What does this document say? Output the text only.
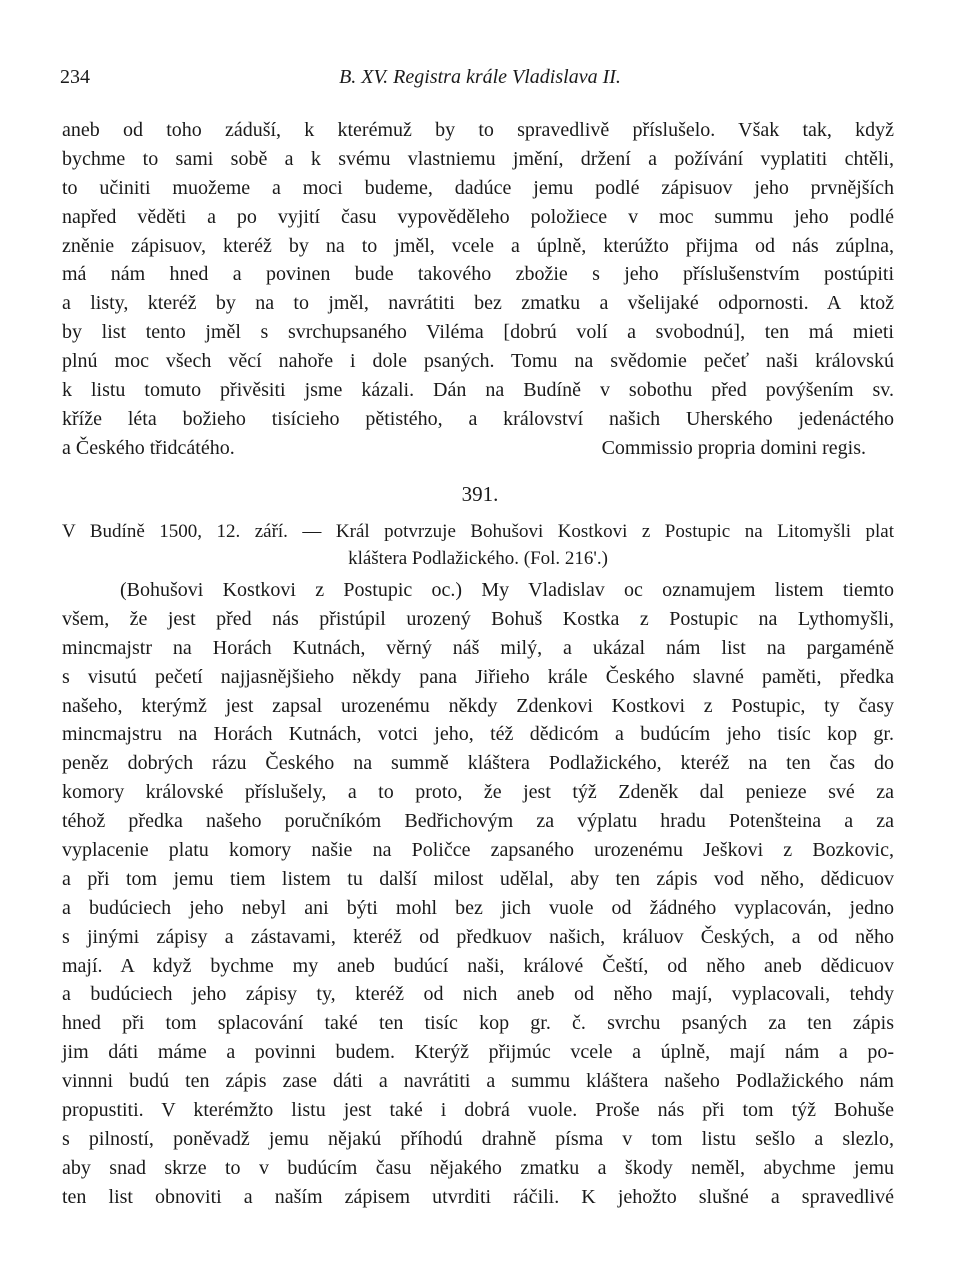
234	B. XV. Registra krále Vladislava II.
aneb od toho záduší, k kterémuž by to spravedlivě příslušelo. Však tak, když
bychme to sami sobě a k svému vlastniemu jmění, držení a požívání vyplatiti chtěli,
to učiniti muožeme a moci budeme, dadúce jemu podlé zápisuov jeho prvnějších
napřed věděti a po vyjití času vypověděleho položiece v moc summu jeho podlé
zněnie zápisuov, kteréž by na to jměl, vcele a úplně, kterúžto přijma od nás zúplna,
má nám hned a povinen bude takového zbožie s jeho příslušenstvím postúpiti
a listy, kteréž by na to jměl, navrátiti bez zmatku a všelijaké odpornosti. A ktož
by list tento jměl s svrchupsaného Viléma [dobrú volí a svobodnú], ten má mieti
plnú moc všech věcí nahoře i dole psaných. Tomu na svědomie pečeť naši královskú
k listu tomuto přivěsiti jsme kázali. Dán na Budíně v sobothu před povýšením sv.
kříže léta božieho tisícieho pětistého, a království našich Uherského jedenáctého
a Českého třidcátého.	Commissio propria domini regis.
391.
V Budíně 1500, 12. září. — Král potvrzuje Bohušovi Kostkovi z Postupic na Litomyšli plat
kláštera Podlažického. (Fol. 216'.)
(Bohušovi Kostkovi z Postupic oc.) My Vladislav oc oznamujem listem tiemto
všem, že jest před nás přistúpil urozený Bohuš Kostka z Postupic na Lythomyšli,
mincmajstr na Horách Kutnách, věrný náš milý, a ukázal nám list na pargaméně
s visutú pečetí najjasnějšieho někdy pana Jiřieho krále Českého slavné paměti, předka
našeho, kterýmž jest zapsal urozenému někdy Zdenkovi Kostkovi z Postupic, ty časy
mincmajstru na Horách Kutnách, votci jeho, též dědicóm a budúcím jeho tisíc kop gr.
peněz dobrých rázu Českého na summě kláštera Podlažického, kteréž na ten čas do
komory královské příslušely, a to proto, že jest týž Zdeněk dal penieze své za
téhož předka našeho poručníkóm Bedřichovým za výplatu hradu Potenšteina a za
vyplacenie platu komory našie na Poličce zapsaného urozenému Ješkovi z Bozkovic,
a při tom jemu tiem listem tu další milost udělal, aby ten zápis vod něho, dědicuov
a budúciech jeho nebyl ani býti mohl bez jich vuole od žádného vyplacován, jedno
s jinými zápisy a zástavami, kteréž od předkuov našich, králuov Českých, a od něho
mají. A když bychme my aneb budúcí naši, králové Čeští, od něho aneb dědicuov
a budúciech jeho zápisy ty, kteréž od nich aneb od něho mají, vyplacovali, tehdy
hned při tom splacování také ten tisíc kop gr. č. svrchu psaných za ten zápis
jim dáti máme a povinni budem. Kterýž přijmúc vcele a úplně, mají nám a po-
vinnni budú ten zápis zase dáti a navrátiti a summu kláštera našeho Podlažického nám
propustiti. V kterémžto listu jest také i dobrá vuole. Proše nás při tom týž Bohuše
s pilností, poněvadž jemu nějakú příhodú drahně písma v tom listu sešlo a slezlo,
aby snad skrze to v budúcím času nějakého zmatku a škody neměl, abychme jemu
ten list obnoviti a naším zápisem utvrditi ráčili. K jehožto slušné a spravedlivé
